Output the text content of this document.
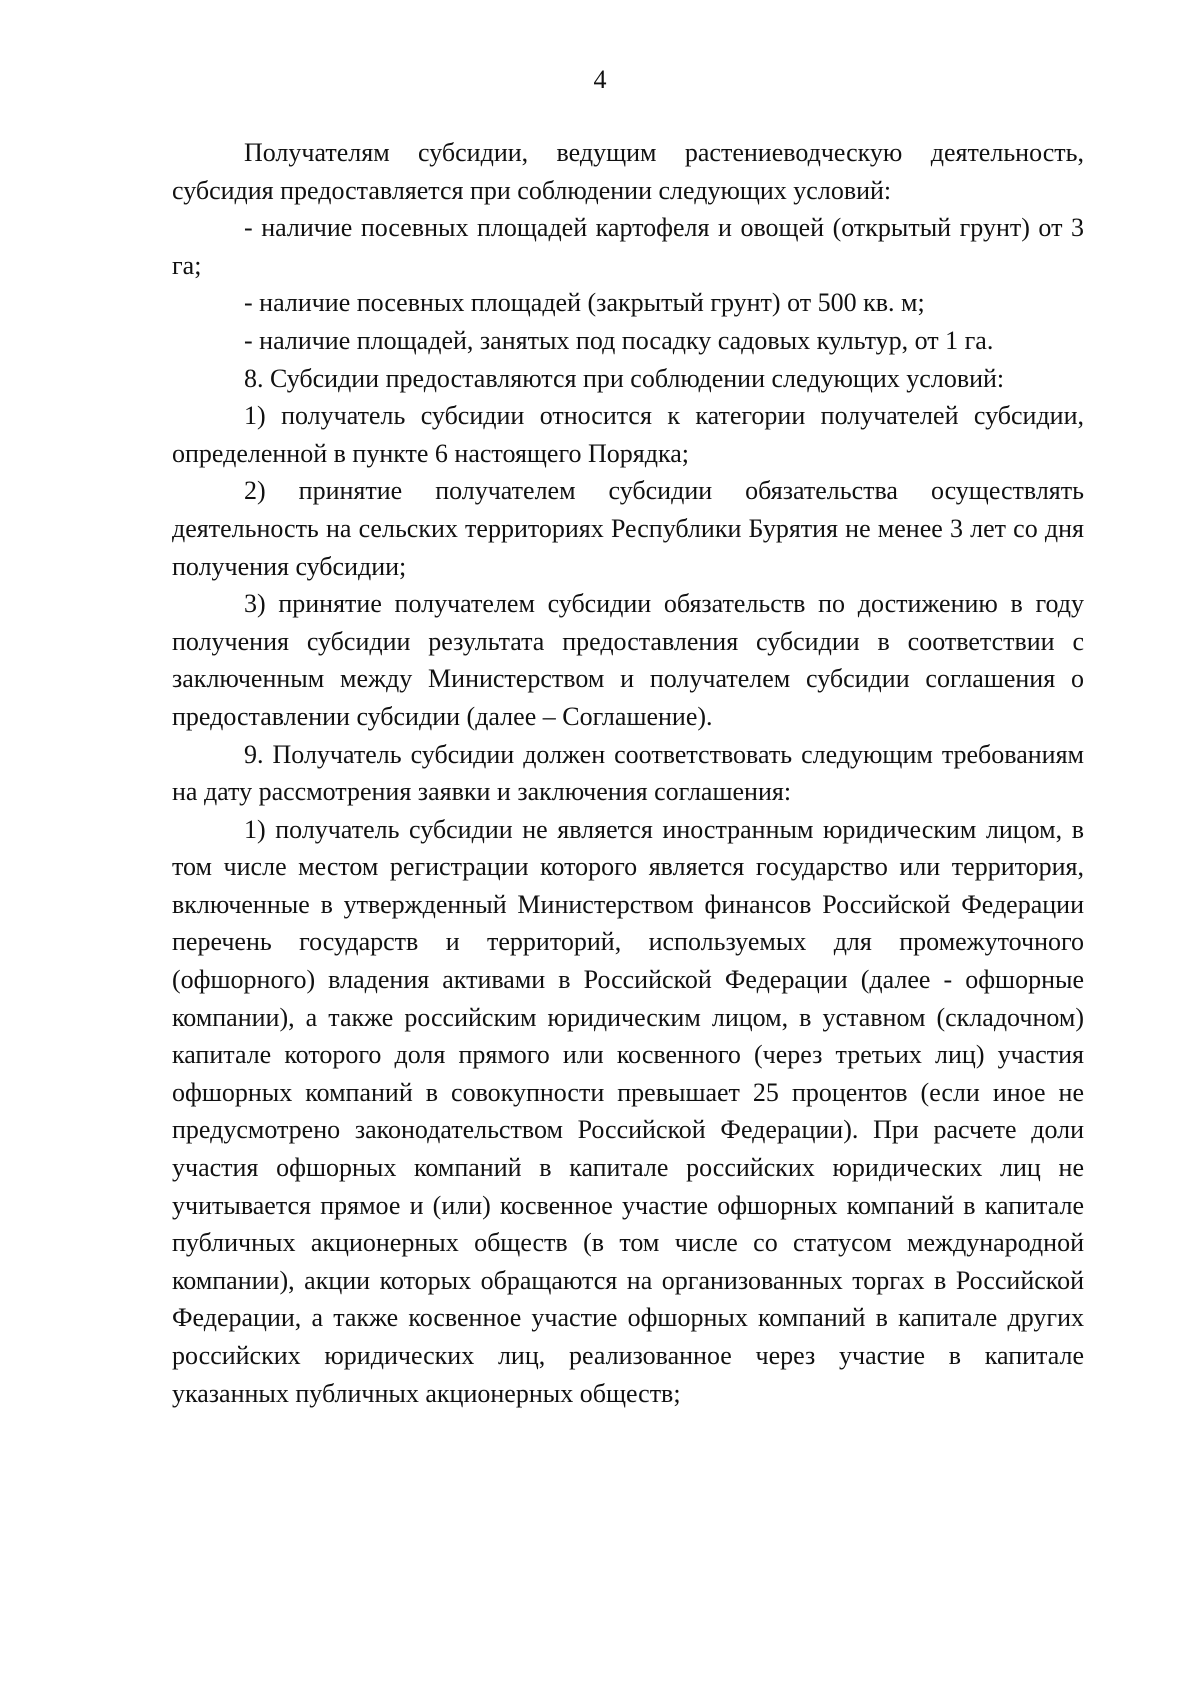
4

Получателям субсидии, ведущим растениеводческую деятельность, субсидия предоставляется при соблюдении следующих условий:

- наличие посевных площадей картофеля и овощей (открытый грунт) от 3 га;

- наличие посевных площадей (закрытый грунт) от 500 кв. м;

- наличие площадей, занятых под посадку садовых культур, от 1 га.

8. Субсидии предоставляются при соблюдении следующих условий:

1) получатель субсидии относится к категории получателей субсидии, определенной в пункте 6 настоящего Порядка;

2) принятие получателем субсидии обязательства осуществлять деятельность на сельских территориях Республики Бурятия не менее 3 лет со дня получения субсидии;

3) принятие получателем субсидии обязательств по достижению в году получения субсидии результата предоставления субсидии в соответствии с заключенным между Министерством и получателем субсидии соглашения о предоставлении субсидии (далее – Соглашение).

9. Получатель субсидии должен соответствовать следующим требованиям на дату рассмотрения заявки и заключения соглашения:

1) получатель субсидии не является иностранным юридическим лицом, в том числе местом регистрации которого является государство или территория, включенные в утвержденный Министерством финансов Российской Федерации перечень государств и территорий, используемых для промежуточного (офшорного) владения активами в Российской Федерации (далее - офшорные компании), а также российским юридическим лицом, в уставном (складочном) капитале которого доля прямого или косвенного (через третьих лиц) участия офшорных компаний в совокупности превышает 25 процентов (если иное не предусмотрено законодательством Российской Федерации). При расчете доли участия офшорных компаний в капитале российских юридических лиц не учитывается прямое и (или) косвенное участие офшорных компаний в капитале публичных акционерных обществ (в том числе со статусом международной компании), акции которых обращаются на организованных торгах в Российской Федерации, а также косвенное участие офшорных компаний в капитале других российских юридических лиц, реализованное через участие в капитале указанных публичных акционерных обществ;
